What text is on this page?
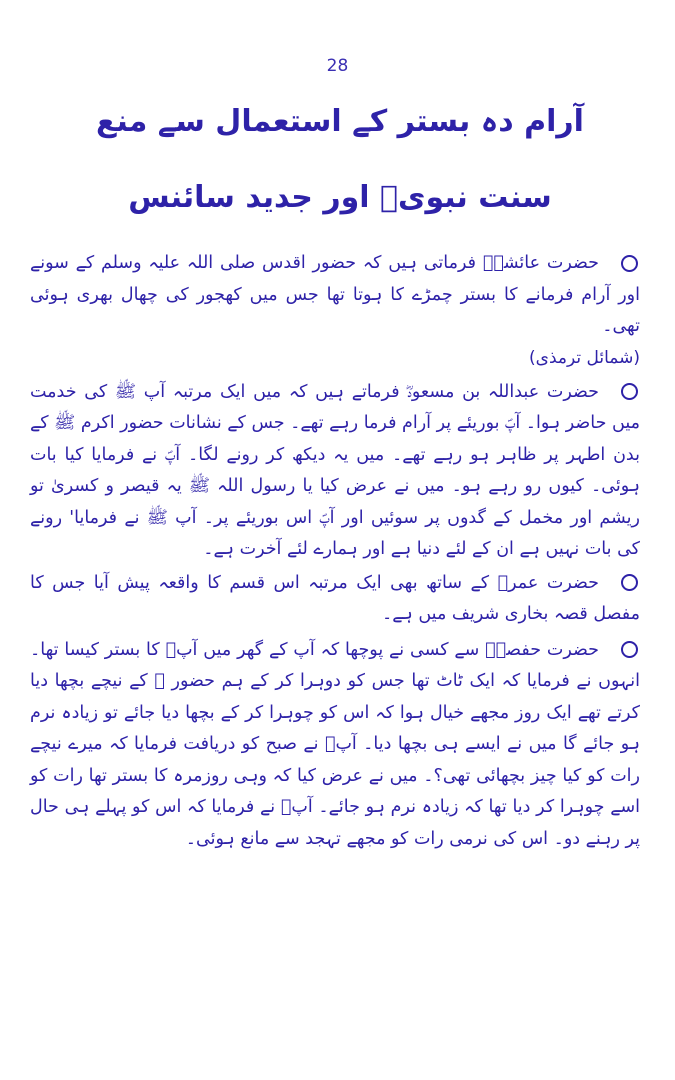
28
آرام دہ بستر کے استعمال سے منع
سنت نبویؐ اور جدید سائنس

حضرت عائشہؓ فرماتی ہیں کہ حضور اقدس صلی اللہ علیہ وسلم کے سونے اور آرام فرمانے کا بستر چمڑے کا ہوتا تھا جس میں کھجور کی چھال بھری ہوئی تھی۔

(شمائل ترمذی)

حضرت عبداللہ بن مسعودؓ فرماتے ہیں کہ میں ایک مرتبہ آپ ﷺ کی خدمت میں حاضر ہوا۔ آپؐ بوریئے پر آرام فرما رہے تھے۔ جس کے نشانات حضور اکرم ﷺ کے بدن اطہر پر ظاہر ہو رہے تھے۔ میں یہ دیکھ کر رونے لگا۔ آپؐ نے فرمایا کیا بات ہوئی۔ کیوں رو رہے ہو۔ میں نے عرض کیا یا رسول اللہ ﷺ یہ قیصر و کسریٰ تو ریشم اور مخمل کے گدوں پر سوئیں اور آپؐ اس بوریئے پر۔ آپ ﷺ نے فرمایا' رونے کی بات نہیں ہے ان کے لئے دنیا ہے اور ہمارے لئے آخرت ہے۔

حضرت عمرؓ کے ساتھ بھی ایک مرتبہ اس قسم کا واقعہ پیش آیا جس کا مفصل قصہ بخاری شریف میں ہے۔

حضرت حفصہؓ سے کسی نے پوچھا کہ آپ کے گھر میں آپؐ کا بستر کیسا تھا۔ انہوں نے فرمایا کہ ایک ٹاٹ تھا جس کو دوہرا کر کے ہم حضور ﷺ کے نیچے بچھا دیا کرتے تھے ایک روز مجھے خیال ہوا کہ اس کو چوہرا کر کے بچھا دیا جائے تو زیادہ نرم ہو جائے گا میں نے ایسے ہی بچھا دیا۔ آپؐ نے صبح کو دریافت فرمایا کہ میرے نیچے رات کو کیا چیز بچھائی تھی؟۔ میں نے عرض کیا کہ وہی روزمرہ کا بستر تھا رات کو اسے چوہرا کر دیا تھا کہ زیادہ نرم ہو جائے۔ آپؐ نے فرمایا کہ اس کو پہلے ہی حال پر رہنے دو۔ اس کی نرمی رات کو مجھے تہجد سے مانع ہوئی۔
